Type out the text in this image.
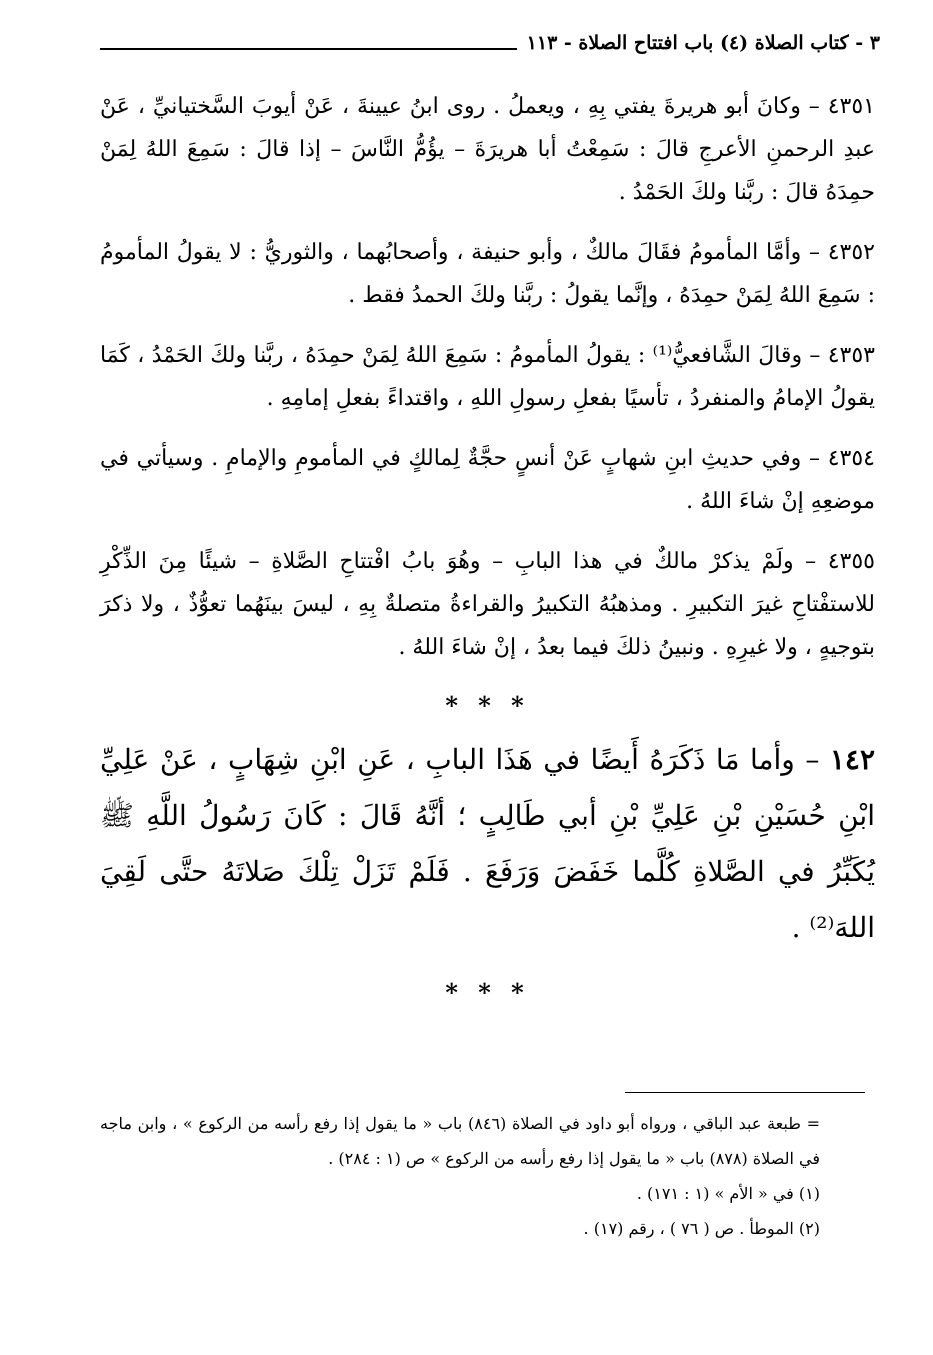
٣ - كتاب الصلاة (٤) باب افتتاح الصلاة - ١١٣

٤٣٥١ – وكانَ أبو هريرةَ يفتي بِهِ ، ويعملُ . روى ابنُ عيينةَ ، عَنْ أيوبَ السَّختيانيِّ ، عَنْ عبدِ الرحمنِ الأعرجِ قالَ : سَمِعْتُ أبا هريرَةَ – يؤُمُّ النَّاسَ – إذا قالَ : سَمِعَ اللهُ لِمَنْ حمِدَهُ قالَ : ربَّنا ولكَ الحَمْدُ .

٤٣٥٢ – وأمَّا المأمومُ فقَالَ مالكٌ ، وأبو حنيفة ، وأصحابُهما ، والثوريُّ : لا يقولُ المأمومُ : سَمِعَ اللهُ لِمَنْ حمِدَهُ ، وإنَّما يقولُ : ربَّنا ولكَ الحمدُ فقط .

٤٣٥٣ – وقالَ الشَّافعيُّ⁽¹⁾ : يقولُ المأمومُ : سَمِعَ اللهُ لِمَنْ حمِدَهُ ، ربَّنا ولكَ الحَمْدُ ، كَمَا يقولُ الإمامُ والمنفردُ ، تأسيًا بفعلِ رسولِ اللهِ ، واقتداءً بفعلِ إمامِهِ .

٤٣٥٤ – وفي حديثِ ابنِ شهابٍ عَنْ أنسٍ حجَّةٌ لِمالكٍ في المأمومِ والإمامِ . وسيأتي في موضعِهِ إنْ شاءَ اللهُ .

٤٣٥٥ – ولَمْ يذكرْ مالكٌ في هذا البابِ – وهُوَ بابُ افْتتاحِ الصَّلاةِ – شيئًا مِنَ الذِّكْرِ للاستفْتاحِ غيرَ التكبيرِ . ومذهبُهُ التكبيرُ والقراءةُ متصلةٌ بِهِ ، ليسَ بينَهُما تعوُّذٌ ، ولا ذكرَ بتوجيهٍ ، ولا غيرِهِ . ونبينُ ذلكَ فيما بعدُ ، إنْ شاءَ اللهُ .

* * *

١٤٢ – وأما مَا ذَكَرَهُ أَيضًا في هَذَا البابِ ، عَنِ ابْنِ شِهَابٍ ، عَنْ عَلِيِّ ابْنِ حُسَيْنِ بْنِ عَلِيِّ بْنِ أبي طَالِبٍ ؛ أنَّهُ قَالَ : كَانَ رَسُولُ اللَّهِ ﷺ يُكَبِّرُ في الصَّلاةِ كُلَّما خَفَضَ وَرَفَعَ . فَلَمْ تَزَلْ تِلْكَ صَلاتَهُ حتَّى لَقِيَ اللهَ⁽²⁾ .

* * *

= طبعة عبد الباقي ، ورواه أبو داود في الصلاة (٨٤٦) باب « ما يقول إذا رفع رأسه من الركوع » ، وابن ماجه في الصلاة (٨٧٨) باب « ما يقول إذا رفع رأسه من الركوع » ص (١ : ٢٨٤) .

(١) في « الأم » (١ : ١٧١) .

(٢) الموطأ . ص ( ٧٦ ) ، رقم (١٧) .
